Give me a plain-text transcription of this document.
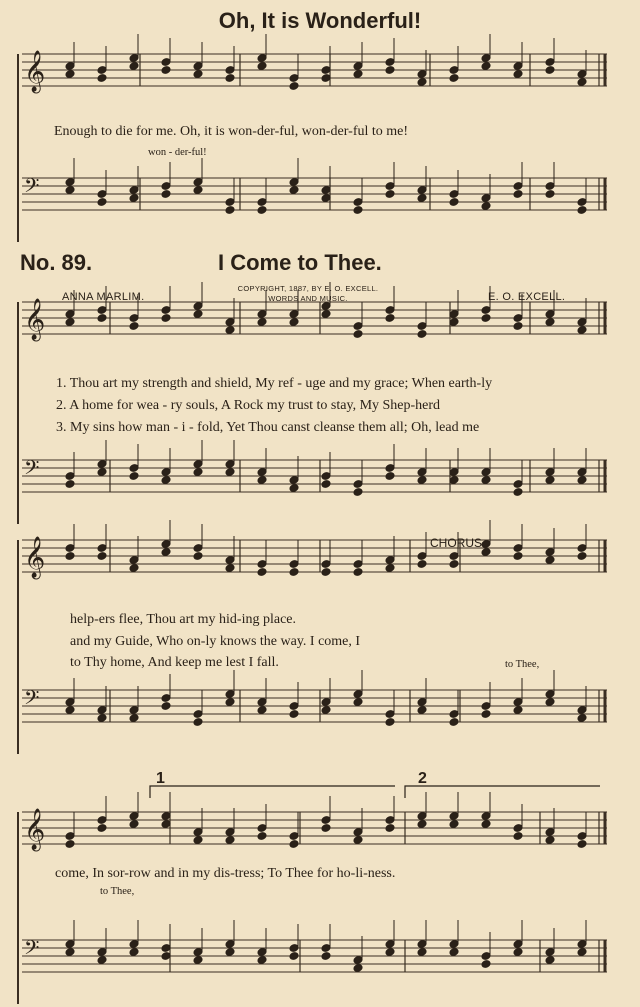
𝄞
𝄢
𝄞
𝄢
𝄞
𝄢
𝄞
𝄢
Oh, It is Wonderful!
Enough to die for me. Oh, it is won-der-ful, won-der-ful to me!
won - der-ful!
No. 89.	I Come to Thee.
ANNA MARLIM.
COPYRIGHT, 1887, BY E. O. EXCELL.
WORDS AND MUSIC.	E. O. EXCELL.
1. Thou art my strength and shield, My ref - uge and my grace; When earth-ly
2. A home for wea - ry souls, A Rock my trust to stay, My Shep-herd
3. My sins how man - i - fold, Yet Thou canst cleanse them all; Oh, lead me
CHORUS.
help-ers flee, Thou art my hid-ing place.
and my Guide, Who on-ly knows the way. I come, I
to Thy home, And keep me lest I fall.	to Thee,
1	2
come, In sor-row and in my dis-tress; To Thee for ho-li-ness.
to Thee,
